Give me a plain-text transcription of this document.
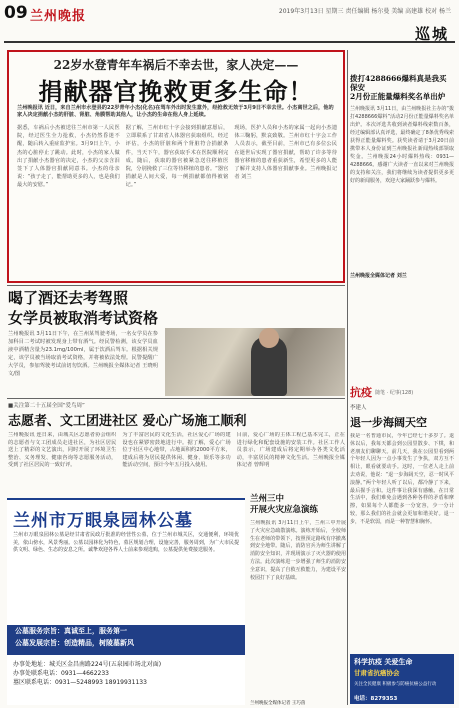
09 兰州晚报	2019年3月13日 星期三 责任编辑 杨尔曼 美编 高建雄 校对 杨兰
巡城
22岁水登青年车祸后不幸去世，家人决定——
捐献器官挽救更多生命！
兰州晚报讯 近日，来自兰州市水登县的22岁青年小杰(化名)在驾车外出时发生意外，经抢救无效于3月9日不幸去世。小杰离世之后，他的家人决定捐献小杰的肝脏、肾脏、角膜帮助其他人，让小杰的生命在他人身上延续。
据悉，车祸后小杰被送往兰州市第一人民医院，经过医生全力抢救，小杰仍然昏迷不醒，随后转入重症监护室。3月9日上午，小杰的心脏停止了跳动。此时，小杰的家人做出了捐献小杰器官的决定，小杰的父亲含泪签下了人体器官捐献同意书。小杰的母亲说：“孩子走了，能帮助更多的人，也是我们最大的安慰。”
据了解，兰州市红十字会接到捐献意愿后，立即联系了甘肃省人体器官获取组织。经过评估，小杰的肝脏和两个肾脏符合捐献条件，当天下午，器官获取手术在医院顺利完成。随后，获取的器官被紧急送往移植医院，分别挽救了三位等待移植的患者。“器官捐献是人间大爱，每一例捐献都值得被铭记。”
现场，医护人员和小杰的家属一起向小杰遗体三鞠躬，默哀致敬。兰州市红十字会工作人员表示，截至目前，兰州市已有多位公民在逝世后实现了器官捐献，帮助了许多等待器官移植的患者重获新生，希望更多的人能了解并支持人体器官捐献事业。兰州晚报记者 刘兰
拨打4288666爆料真是我买保安
2月份正能量爆料奖名单出炉
兰州晚报讯 3月11日，由兰州晚报社主办的“拨打4288666爆料”活动2月份正能量爆料奖名单出炉。本次评选共收到读者爆料线索数百条，经过编辑部认真评选，最终确定了8条优秀线索获得正能量爆料奖。获奖读者请于3月20日前携带本人身份证到兰州晚报社新闻热线部领取奖金。兰州晚报24小时爆料热线：0931—4288666。感谢广大读者一直以来对兰州晚报的支持和关注，我们将继续为读者提供更多更好的新闻服务，欢迎大家踊跃参与爆料。
兰州晚报全媒体记者 刘兰
喝了酒还去考驾照
女学员被取消考试资格
兰州晚报讯 3月11日下午，在兰州某驾驶考场，一名女学员在参加科目二考试时被发现身上带有酒气。经民警检测，该女学员血液中酒精含量为23.1mg/100ml，属于饮酒后驾车。根据相关规定，该学员被当场取消考试资格，并将被依法处理。民警提醒广大学员，参加驾驶考试前切勿饮酒。兰州晚报全媒体记者 王晓明 文/图
■关注第二十五届全国“爱鸟周”
志愿者、文工团进社区 爱心广场施工顺利
兰州晚报讯 连日来，由城关区志愿者协会组织的志愿者与文工团成员走进社区，为社区居民送上了精彩的文艺演出，同时开展了环境卫生整治、义务理发、健康咨询等志愿服务活动，受到了社区居民的一致好评。
为了丰富居民的文化生活，社区爱心广场的建设也在紧锣密鼓地进行中。据了解，爱心广场位于社区中心地带，占地面积约2000平方米，建成后将为居民提供休闲、健身、娱乐等多功能活动空间，预计今年五月投入使用。
目前，爱心广场的主体工程已基本完工，正在进行绿化和配套设施的安装工作。社区工作人员表示，广场建成后将定期举办各类文化活动，丰富居民的精神文化生活。兰州晚报全媒体记者 曾辉明
兰州市万眼泉园林公墓
兰州市万眼泉园林公墓是经甘肃省民政厅批准的经营性公墓，位于兰州市城关区，交通便利，环境优美，依山傍水，风景秀丽。公墓以园林化为特色，墓区规划合理，设施完善，服务周到，为广大市民提供文明、绿色、生态的安息之所。诚挚欢迎各界人士前来参观选购，公墓提供免费接送服务。
公墓服务宗旨：真诚至上，服务第一
公墓发展宗旨：创造精品，树陵墓新风
办事处地址：城关区金昌南路224号(五泉园市场北对面)
办事处联系电话：0931—4662233
墓区联系电话：0931—5248993 18919931133
兰州三中
开展火灾应急演练
兰州晚报讯 3月11日上午，兰州三中开展了火灾应急疏散演练。演练开始后，全校师生在老师的带领下，按照预定路线有序撤离到安全地带。随后，消防官兵为师生讲解了消防安全知识，并现场演示了灭火器的使用方法。此次演练进一步增强了师生的消防安全意识，提高了自救互救能力，为建设平安校园打下了良好基础。
兰州晚报全媒体记者 王巧茵
抗疫 随笔 · 纪事(128)
李建人
退一步海阔天空
我是一名普通市民，今年已经七十多岁了。退休以后，我每天都会到公园里散步、下棋，和老朋友们聊聊天。前几天，我在公园里看到两个年轻人因为一点小事发生了争执，双方互不相让，眼看就要动手。这时，一位老人走上前去劝说，他说：“退一步海阔天空，忍一时风平浪静。”两个年轻人听了以后，都冷静了下来，最后握手言和。这件事让我深有感触。在日常生活中，我们难免会遇到各种各样的矛盾和摩擦，如果每个人都能多一分宽容，少一分计较，那么我们的社会就会更加和谐美好。退一步，不是软弱，而是一种智慧和胸怀。
科学抗疫 关爱生命
甘肃省抗癌协会
关注全民健康 积极参与防癌抗癌公益行动
电话：8279353
